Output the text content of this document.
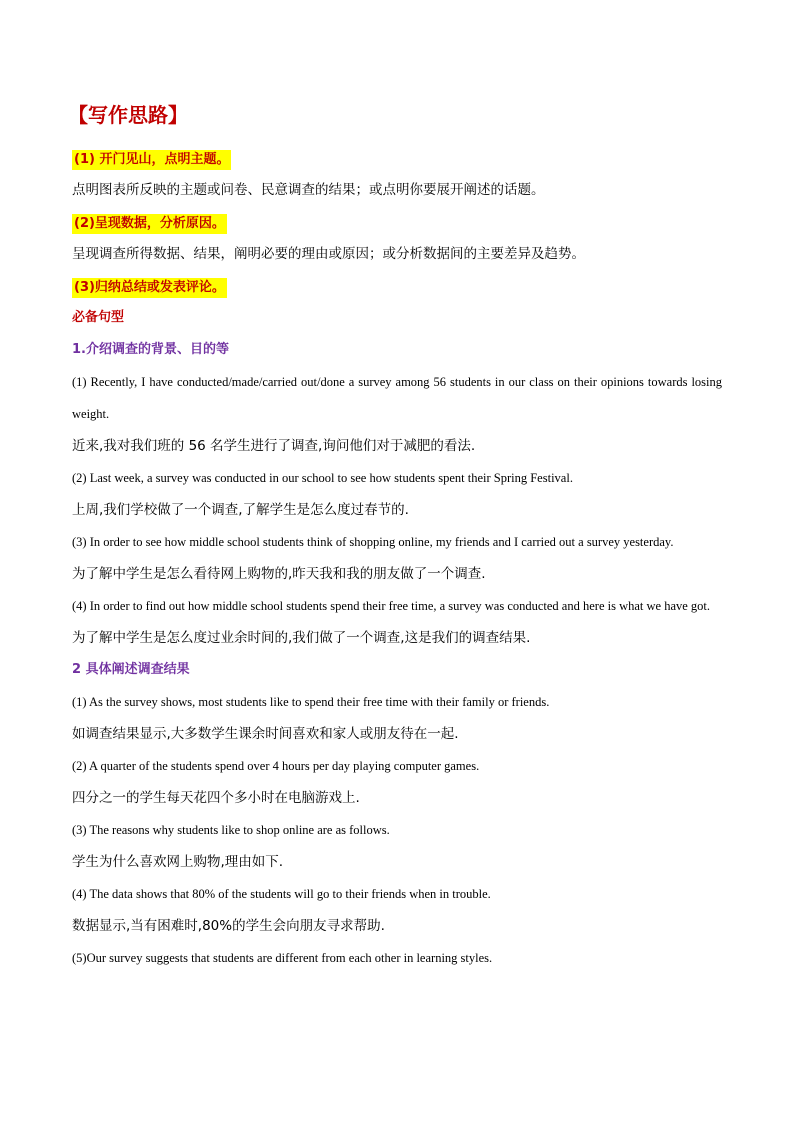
【写作思路】
(1) 开门见山，点明主题。
点明图表所反映的主题或问卷、民意调查的结果；或点明你要展开阐述的话题。
(2)呈现数据，分析原因。
呈现调查所得数据、结果，阐明必要的理由或原因；或分析数据间的主要差异及趋势。
(3)归纳总结或发表评论。
必备句型
1.介绍调查的背景、目的等
(1) Recently, I have conducted/made/carried out/done a survey among 56 students in our class on their opinions towards losing weight.
近来,我对我们班的 56 名学生进行了调查,询问他们对于减肥的看法.
(2) Last week, a survey was conducted in our school to see how students spent their Spring Festival.
上周,我们学校做了一个调查,了解学生是怎么度过春节的.
(3) In order to see how middle school students think of shopping online, my friends and I carried out a survey yesterday.
为了解中学生是怎么看待网上购物的,昨天我和我的朋友做了一个调查.
(4) In order to find out how middle school students spend their free time, a survey was conducted and here is what we have got.
为了解中学生是怎么度过业余时间的,我们做了一个调查,这是我们的调查结果.
2 具体阐述调查结果
(1) As the survey shows, most students like to spend their free time with their family or friends.
如调查结果显示,大多数学生课余时间喜欢和家人或朋友待在一起.
(2) A quarter of the students spend over 4 hours per day playing computer games.
四分之一的学生每天花四个多小时在电脑游戏上.
(3) The reasons why students like to shop online are as follows.
学生为什么喜欢网上购物,理由如下.
(4) The data shows that 80% of the students will go to their friends when in trouble.
数据显示,当有困难时,80%的学生会向朋友寻求帮助.
(5)Our survey suggests that students are different from each other in learning styles.
